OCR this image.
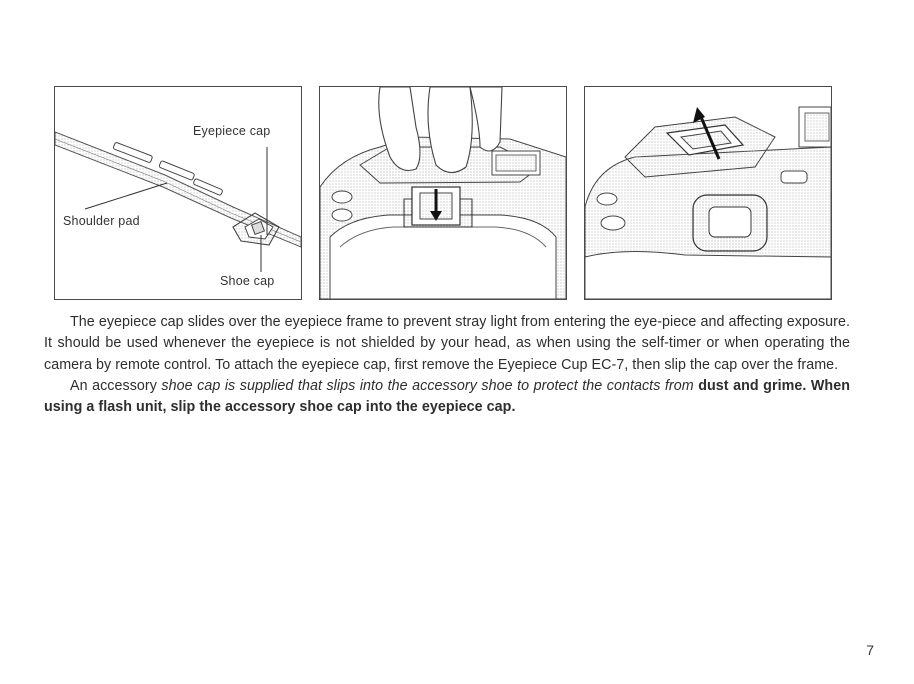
Eyepiece cap
Shoulder pad
Shoe cap

The eyepiece cap slides over the eyepiece frame to prevent stray light from entering the eye-piece and affecting exposure. It should be used whenever the eyepiece is not shielded by your head, as when using the self-timer or when operating the camera by remote control. To attach the eyepiece cap, first remove the Eyepiece Cup EC-7, then slip the cap over the frame.

An accessory shoe cap is supplied that slips into the accessory shoe to protect the contacts from dust and grime. When using a flash unit, slip the accessory shoe cap into the eyepiece cap.

7
